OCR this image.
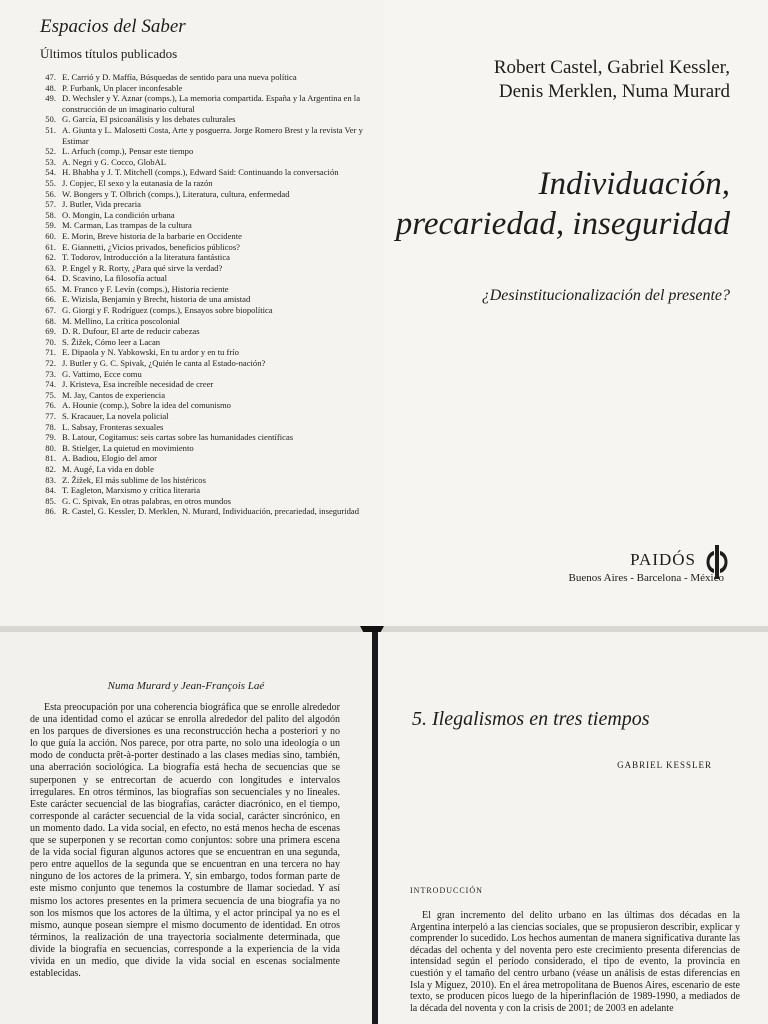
Espacios del Saber
Últimos títulos publicados
47. E. Carrió y D. Maffía, Búsquedas de sentido para una nueva política
48. P. Furbank, Un placer inconfesable
49. D. Wechsler y Y. Aznar (comps.), La memoria compartida. España y la Argentina en la construcción de un imaginario cultural
50. G. García, El psicoanálisis y los debates culturales
51. A. Giunta y L. Malosetti Costa, Arte y posguerra. Jorge Romero Brest y la revista Ver y Estimar
52. L. Arfuch (comp.), Pensar este tiempo
53. A. Negri y G. Cocco, GlobAL
54. H. Bhabha y J. T. Mitchell (comps.), Edward Said: Continuando la conversación
55. J. Copjec, El sexo y la eutanasia de la razón
56. W. Bongers y T. Olbrich (comps.), Literatura, cultura, enfermedad
57. J. Butler, Vida precaria
58. O. Mongin, La condición urbana
59. M. Carman, Las trampas de la cultura
60. E. Morin, Breve historia de la barbarie en Occidente
61. E. Giannetti, ¿Vicios privados, beneficios públicos?
62. T. Todorov, Introducción a la literatura fantástica
63. P. Engel y R. Rorty, ¿Para qué sirve la verdad?
64. D. Scavino, La filosofía actual
65. M. Franco y F. Levín (comps.), Historia reciente
66. E. Wizisla, Benjamin y Brecht, historia de una amistad
67. G. Giorgi y F. Rodríguez (comps.), Ensayos sobre biopolítica
68. M. Mellino, La crítica poscolonial
69. D. R. Dufour, El arte de reducir cabezas
70. S. Žižek, Cómo leer a Lacan
71. E. Dipaola y N. Yabkowski, En tu ardor y en tu frío
72. J. Butler y G. C. Spivak, ¿Quién le canta al Estado-nación?
73. G. Vattimo, Ecce comu
74. J. Kristeva, Esa increíble necesidad de creer
75. M. Jay, Cantos de experiencia
76. A. Hounie (comp.), Sobre la idea del comunismo
77. S. Kracauer, La novela policial
78. L. Sabsay, Fronteras sexuales
79. B. Latour, Cogitamus: seis cartas sobre las humanidades científicas
80. B. Stielger, La quietud en movimiento
81. A. Badiou, Elogio del amor
82. M. Augé, La vida en doble
83. Z. Žižek, El más sublime de los histéricos
84. T. Eagleton, Marxismo y crítica literaria
85. G. C. Spivak, En otras palabras, en otros mundos
86. R. Castel, G. Kessler, D. Merklen, N. Murard, Individuación, precariedad, inseguridad
Robert Castel, Gabriel Kessler,
Denis Merklen, Numa Murard
Individuación,
precariedad, inseguridad
¿Desinstitucionalización del presente?
PAIDÓS
Buenos Aires - Barcelona - México
Numa Murard y Jean-François Laé

Esta preocupación por una coherencia biográfica que se enrolle alrededor de una identidad como el azúcar se enrolla alrededor del palito del algodón en los parques de diversiones es una reconstrucción hecha a posteriori y no lo que guía la acción. Nos parece, por otra parte, no solo una ideología o un modo de conducta prêt-à-porter destinado a las clases medias sino, también, una aberración sociológica. La biografía está hecha de secuencias que se superponen y se entrecortan de acuerdo con longitudes e intervalos irregulares. En otros términos, las biografías son secuenciales y no lineales. Este carácter secuencial de las biografías, carácter diacrónico, en el tiempo, corresponde al carácter secuencial de la vida social, carácter sincrónico, en un momento dado. La vida social, en efecto, no está menos hecha de escenas que se superponen y se recortan como conjuntos: sobre una primera escena de la vida social figuran algunos actores que se encuentran en una segunda, pero entre aquellos de la segunda que se encuentran en una tercera no hay ninguno de los actores de la primera. Y, sin embargo, todos forman parte de este mismo conjunto que tenemos la costumbre de llamar sociedad. Y así mismo los actores presentes en la primera secuencia de una biografía ya no son los mismos que los actores de la última, y el actor principal ya no es el mismo, aunque posean siempre el mismo documento de identidad. En otros términos, la realización de una trayectoria socialmente determinada, que divide la biografía en secuencias, corresponde a la experiencia de la vida vivida en un medio, que divide la vida social en escenas socialmente establecidas.

5. Ilegalismos en tres tiempos
GABRIEL KESSLER
INTRODUCCIÓN

El gran incremento del delito urbano en las últimas dos décadas en la Argentina interpeló a las ciencias sociales, que se propusieron describir, explicar y comprender lo sucedido. Los hechos aumentan de manera significativa durante las décadas del ochenta y del noventa pero este crecimiento presenta diferencias de intensidad según el período considerado, el tipo de evento, la provincia en cuestión y el tamaño del centro urbano (véase un análisis de estas diferencias en Isla y Míguez, 2010). En el área metropolitana de Buenos Aires, escenario de este texto, se producen picos luego de la hiperinflación de 1989-1990, a mediados de la década del noventa y con la crisis de 2001; de 2003 en adelante
